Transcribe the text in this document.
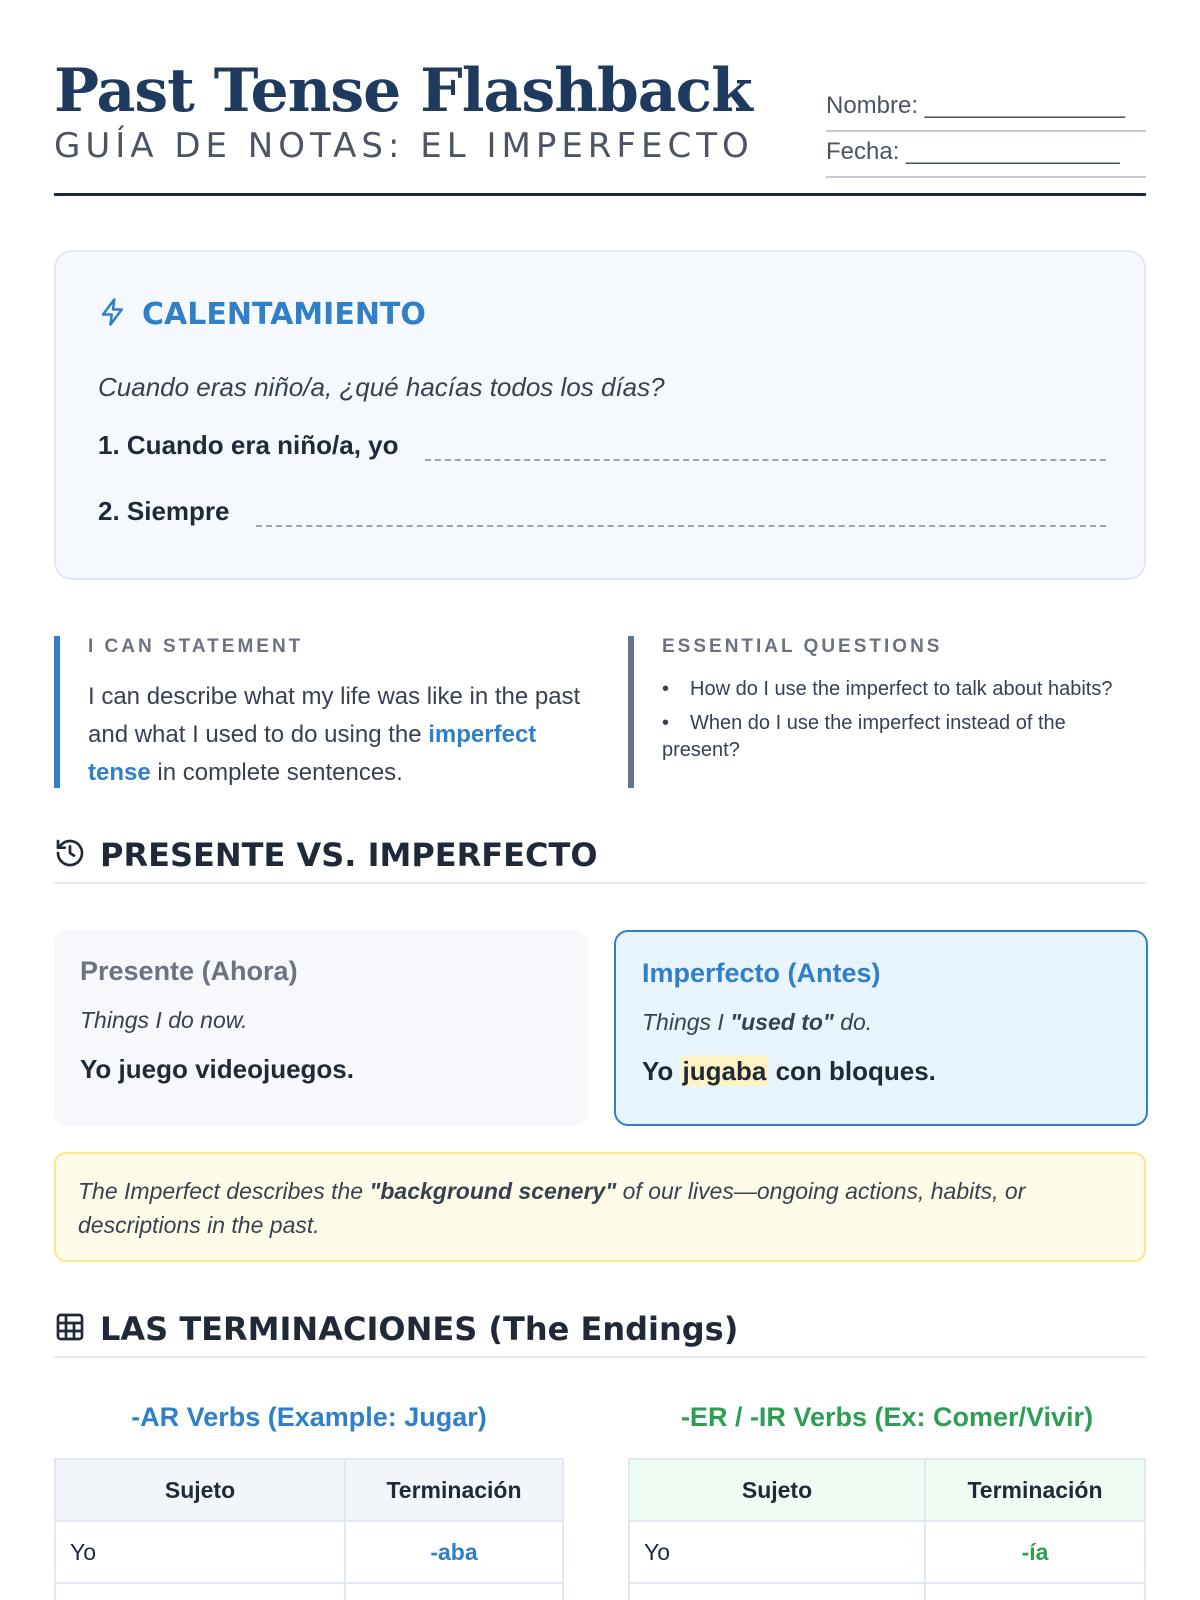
Past Tense Flashback
GUÍA DE NOTAS: EL IMPERFECTO
Nombre: _______________
Fecha: ________________
CALENTAMIENTO
Cuando eras niño/a, ¿qué hacías todos los días?
1. Cuando era niño/a, yo
2. Siempre
I CAN STATEMENT
I can describe what my life was like in the past and what I used to do using the imperfect tense in complete sentences.
ESSENTIAL QUESTIONS
• How do I use the imperfect to talk about habits?
• When do I use the imperfect instead of the present?
PRESENTE VS. IMPERFECTO
Presente (Ahora)
Things I do now.
Yo juego videojuegos.
Imperfecto (Antes)
Things I "used to" do.
Yo jugaba con bloques.
The Imperfect describes the "background scenery" of our lives—ongoing actions, habits, or descriptions in the past.
LAS TERMINACIONES (The Endings)
-AR Verbs (Example: Jugar)
Sujeto	Terminación
Yo	-aba

-ER / -IR Verbs (Ex: Comer/Vivir)
Sujeto	Terminación
Yo	-ía
